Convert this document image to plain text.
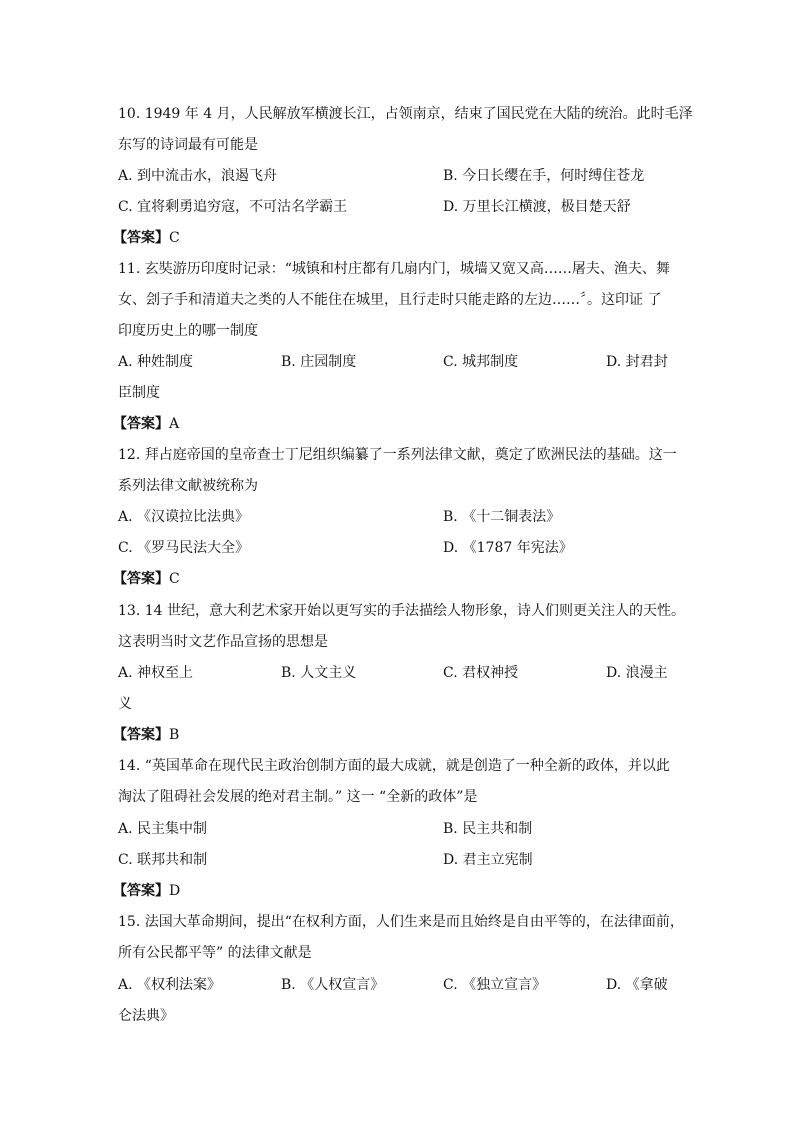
10. 1949 年 4 月，人民解放军横渡长江，占领南京，结束了国民党在大陆的统治。此时毛泽
东写的诗词最有可能是
A. 到中流击水，浪遏飞舟	B. 今日长缨在手，何时缚住苍龙
C. 宜将剩勇追穷寇，不可沽名学霸王	D. 万里长江横渡，极目楚天舒
【答案】C
11. 玄奘游历印度时记录：“城镇和村庄都有几扇内门，城墙又宽又高……屠夫、渔夫、舞
女、刽子手和清道夫之类的人不能住在城里，且行走时只能走路的左边……〞。这印证 了
印度历史上的哪一制度
A. 种姓制度	B. 庄园制度	C. 城邦制度	D. 封君封
臣制度
【答案】A
12. 拜占庭帝国的皇帝查士丁尼组织编纂了一系列法律文献，奠定了欧洲民法的基础。这一
系列法律文献被统称为
A. 《汉谟拉比法典》	B. 《十二铜表法》
C. 《罗马民法大全》	D. 《1787 年宪法》
【答案】C
13. 14 世纪，意大利艺术家开始以更写实的手法描绘人物形象，诗人们则更关注人的天性。
这表明当时文艺作品宣扬的思想是
A. 神权至上	B. 人文主义	C. 君权神授	D. 浪漫主
义
【答案】B
14. “英国革命在现代民主政治创制方面的最大成就，就是创造了一种全新的政体，并以此
淘汰了阻碍社会发展的绝对君主制。” 这一 “全新的政体”是
A. 民主集中制	B. 民主共和制
C. 联邦共和制	D. 君主立宪制
【答案】D
15. 法国大革命期间，提出“在权利方面，人们生来是而且始终是自由平等的，在法律面前，
所有公民都平等” 的法律文献是
A. 《权利法案》	B. 《人权宣言》	C. 《独立宣言》	D. 《拿破
仑法典》
